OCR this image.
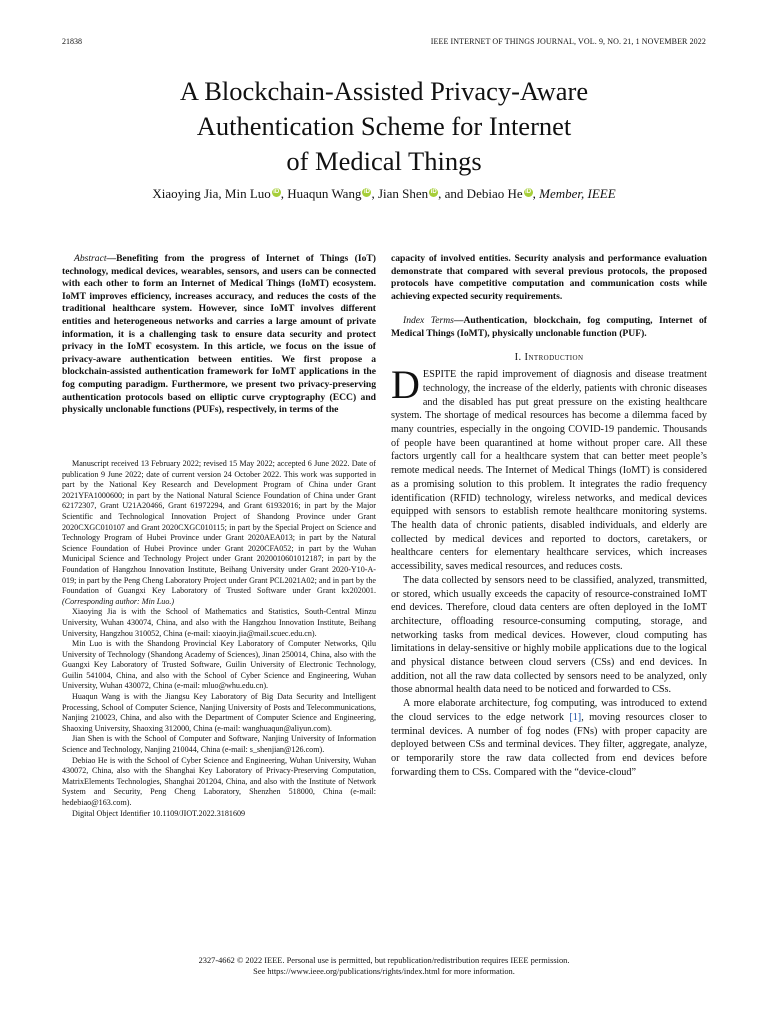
21838	IEEE INTERNET OF THINGS JOURNAL, VOL. 9, NO. 21, 1 NOVEMBER 2022
A Blockchain-Assisted Privacy-Aware
Authentication Scheme for Internet
of Medical Things
Xiaoying Jia, Min Luo iD , Huaqun Wang iD , Jian Shen iD , and Debiao He iD , Member, IEEE

Abstract—Benefiting from the progress of Internet of Things (IoT) technology, medical devices, wearables, sensors, and users can be connected with each other to form an Internet of Medical Things (IoMT) ecosystem. IoMT improves efficiency, increases accuracy, and reduces the costs of the traditional healthcare system. However, since IoMT involves different entities and heterogeneous networks and carries a large amount of private information, it is a challenging task to ensure data security and protect privacy in the IoMT ecosystem. In this article, we focus on the issue of privacy-aware authentication between entities. We first propose a blockchain-assisted authentication framework for IoMT applications in the fog computing paradigm. Furthermore, we present two privacy-preserving authentication protocols based on elliptic curve cryptography (ECC) and physically unclonable functions (PUFs), respectively, in terms of the

Manuscript received 13 February 2022; revised 15 May 2022; accepted 6 June 2022. Date of publication 9 June 2022; date of current version 24 October 2022. This work was supported in part by the National Key Research and Development Program of China under Grant 2021YFA1000600; in part by the National Natural Science Foundation of China under Grant 62172307, Grant U21A20466, Grant 61972294, and Grant 61932016; in part by the Major Scientific and Technological Innovation Project of Shandong Province under Grant 2020CXGC010107 and Grant 2020CXGC010115; in part by the Special Project on Science and Technology Program of Hubei Province under Grant 2020AEA013; in part by the Natural Science Foundation of Hubei Province under Grant 2020CFA052; in part by the Wuhan Municipal Science and Technology Project under Grant 2020010601012187; in part by the Foundation of Hangzhou Innovation Institute, Beihang University under Grant 2020-Y10-A-019; in part by the Peng Cheng Laboratory Project under Grant PCL2021A02; and in part by the Foundation of Guangxi Key Laboratory of Trusted Software under Grant kx202001. (Corresponding author: Min Luo.)

Xiaoying Jia is with the School of Mathematics and Statistics, South-Central Minzu University, Wuhan 430074, China, and also with the Hangzhou Innovation Institute, Beihang University, Hangzhou 310052, China (e-mail: xiaoyin.jia@mail.scuec.edu.cn).

Min Luo is with the Shandong Provincial Key Laboratory of Computer Networks, Qilu University of Technology (Shandong Academy of Sciences), Jinan 250014, China, also with the Guangxi Key Laboratory of Trusted Software, Guilin University of Electronic Technology, Guilin 541004, China, and also with the School of Cyber Science and Engineering, Wuhan University, Wuhan 430072, China (e-mail: mluo@whu.edu.cn).

Huaqun Wang is with the Jiangsu Key Laboratory of Big Data Security and Intelligent Processing, School of Computer Science, Nanjing University of Posts and Telecommunications, Nanjing 210023, China, and also with the Department of Computer Science and Engineering, Shaoxing University, Shaoxing 312000, China (e-mail: wanghuaqun@aliyun.com).

Jian Shen is with the School of Computer and Software, Nanjing University of Information Science and Technology, Nanjing 210044, China (e-mail: s_shenjian@126.com).

Debiao He is with the School of Cyber Science and Engineering, Wuhan University, Wuhan 430072, China, also with the Shanghai Key Laboratory of Privacy-Preserving Computation, MatrixElements Technologies, Shanghai 201204, China, and also with the Institute of Network System and Security, Peng Cheng Laboratory, Shenzhen 518000, China (e-mail: hedebiao@163.com).

Digital Object Identifier 10.1109/JIOT.2022.3181609

capacity of involved entities. Security analysis and performance evaluation demonstrate that compared with several previous protocols, the proposed protocols have competitive computation and communication costs while achieving expected security requirements.

Index Terms—Authentication, blockchain, fog computing, Internet of Medical Things (IoMT), physically unclonable function (PUF).

I. Introduction

DESPITE the rapid improvement of diagnosis and disease treatment technology, the increase of the elderly, patients with chronic diseases and the disabled has put great pressure on the existing healthcare system. The shortage of medical resources has become a dilemma faced by many countries, especially in the ongoing COVID-19 pandemic. Thousands of people have been quarantined at home without proper care. All these factors urgently call for a healthcare system that can better meet people’s remote medical needs. The Internet of Medical Things (IoMT) is considered as a promising solution to this problem. It integrates the radio frequency identification (RFID) technology, wireless networks, and medical devices equipped with sensors to establish remote healthcare monitoring systems. The health data of chronic patients, disabled individuals, and elderly are collected by medical devices and reported to doctors, caretakers, or healthcare centers for elementary healthcare services, which increases accessibility, saves medical resources, and reduces costs.

The data collected by sensors need to be classified, analyzed, transmitted, or stored, which usually exceeds the capacity of resource-constrained IoMT end devices. Therefore, cloud data centers are often deployed in the IoMT architecture, offloading resource-consuming computing, storage, and networking tasks from medical devices. However, cloud computing has limitations in delay-sensitive or highly mobile applications due to the logical and physical distance between cloud servers (CSs) and end devices. In addition, not all the raw data collected by sensors need to be analyzed, only those abnormal health data need to be noticed and forwarded to CSs.

A more elaborate architecture, fog computing, was introduced to extend the cloud services to the edge network [1], moving resources closer to terminal devices. A number of fog nodes (FNs) with proper capacity are deployed between CSs and terminal devices. They filter, aggregate, analyze, or temporarily store the raw data collected from end devices before forwarding them to CSs. Compared with the “device-cloud”

2327-4662 © 2022 IEEE. Personal use is permitted, but republication/redistribution requires IEEE permission.
See https://www.ieee.org/publications/rights/index.html for more information.
